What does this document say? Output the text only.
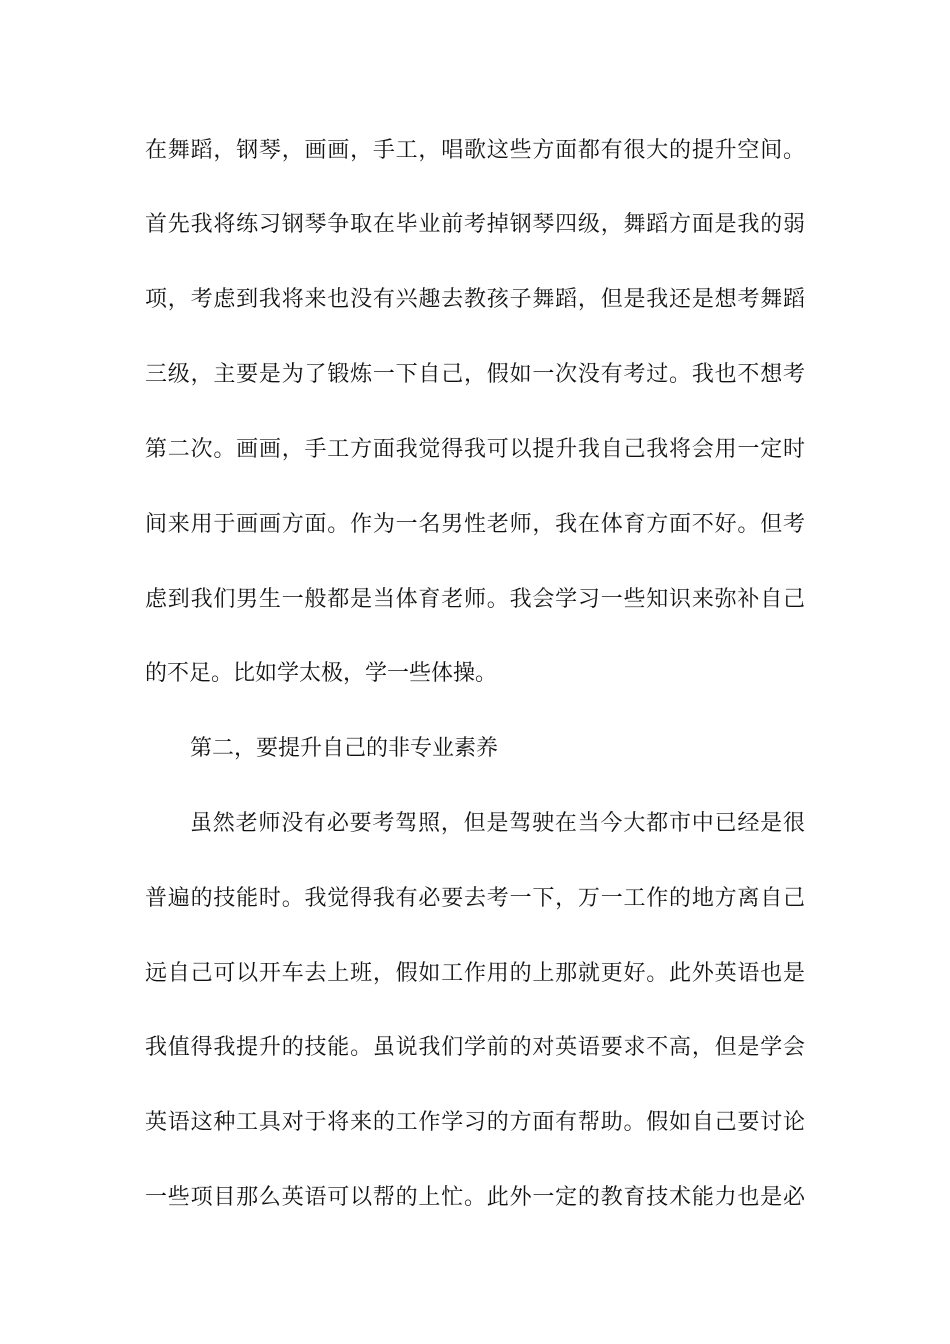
在舞蹈，钢琴，画画，手工，唱歌这些方面都有很大的提升空间。
首先我将练习钢琴争取在毕业前考掉钢琴四级，舞蹈方面是我的弱
项，考虑到我将来也没有兴趣去教孩子舞蹈，但是我还是想考舞蹈
三级，主要是为了锻炼一下自己，假如一次没有考过。我也不想考
第二次。画画，手工方面我觉得我可以提升我自己我将会用一定时
间来用于画画方面。作为一名男性老师，我在体育方面不好。但考
虑到我们男生一般都是当体育老师。我会学习一些知识来弥补自己
的不足。比如学太极，学一些体操。
第二，要提升自己的非专业素养
虽然老师没有必要考驾照，但是驾驶在当今大都市中已经是很
普遍的技能时。我觉得我有必要去考一下，万一工作的地方离自己
远自己可以开车去上班，假如工作用的上那就更好。此外英语也是
我值得我提升的技能。虽说我们学前的对英语要求不高，但是学会
英语这种工具对于将来的工作学习的方面有帮助。假如自己要讨论
一些项目那么英语可以帮的上忙。此外一定的教育技术能力也是必
